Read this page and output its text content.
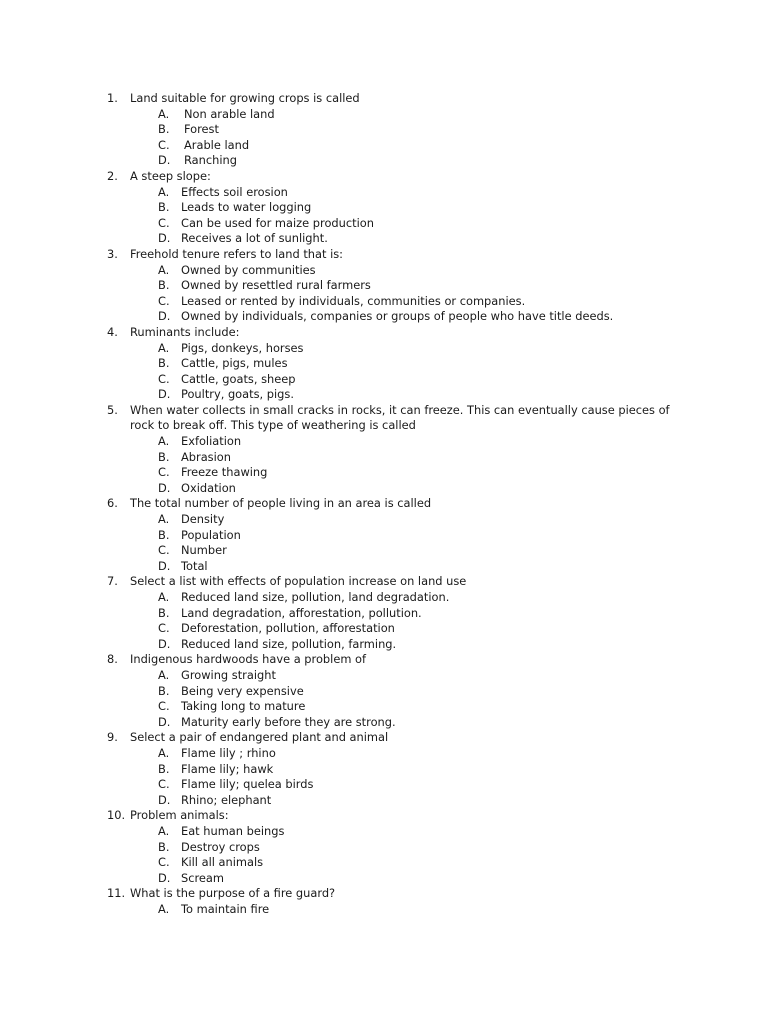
1. Land suitable for growing crops is called
A. Non arable land
B. Forest
C. Arable land
D. Ranching
2. A steep slope:
A. Effects soil erosion
B. Leads to water logging
C. Can be used for maize production
D. Receives a lot of sunlight.
3. Freehold tenure refers to land that is:
A. Owned by communities
B. Owned by resettled rural farmers
C. Leased or rented by individuals, communities or companies.
D. Owned by individuals, companies or groups of people who have title deeds.
4. Ruminants include:
A. Pigs, donkeys, horses
B. Cattle, pigs, mules
C. Cattle, goats, sheep
D. Poultry, goats, pigs.
5. When water collects in small cracks in rocks, it can freeze. This can eventually cause pieces of
rock to break off. This type of weathering is called
A. Exfoliation
B. Abrasion
C. Freeze thawing
D. Oxidation
6. The total number of people living in an area is called
A. Density
B. Population
C. Number
D. Total
7. Select a list with effects of population increase on land use
A. Reduced land size, pollution, land degradation.
B. Land degradation, afforestation, pollution.
C. Deforestation, pollution, afforestation
D. Reduced land size, pollution, farming.
8. Indigenous hardwoods have a problem of
A. Growing straight
B. Being very expensive
C. Taking long to mature
D. Maturity early before they are strong.
9. Select a pair of endangered plant and animal
A. Flame lily ; rhino
B. Flame lily; hawk
C. Flame lily; quelea birds
D. Rhino; elephant
10. Problem animals:
A. Eat human beings
B. Destroy crops
C. Kill all animals
D. Scream
11. What is the purpose of a fire guard?
A. To maintain fire
